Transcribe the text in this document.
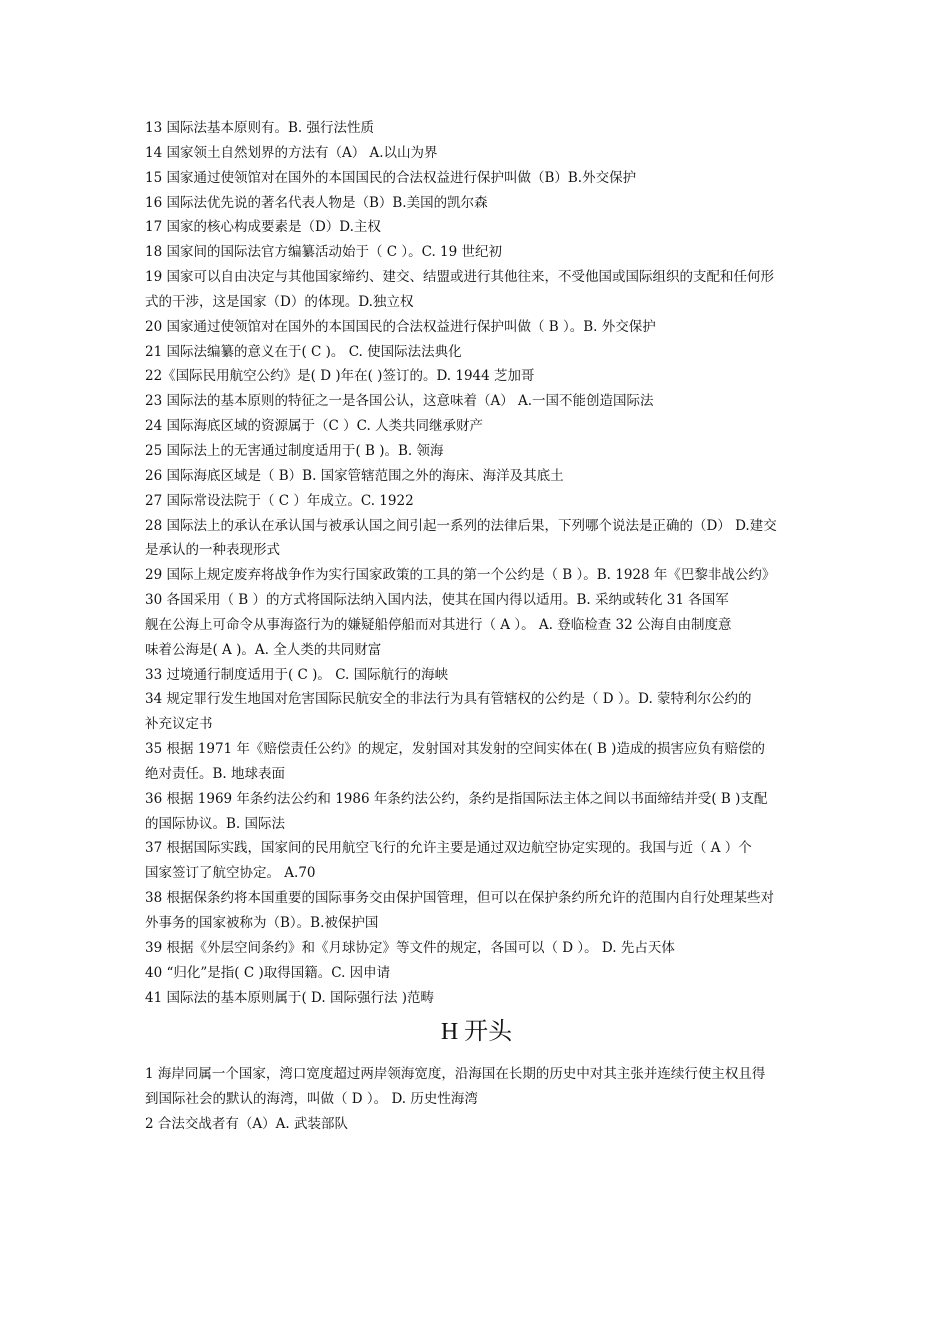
13 国际法基本原则有。B. 强行法性质
14 国家领土自然划界的方法有（A） A.以山为界
15 国家通过使领馆对在国外的本国国民的合法权益进行保护叫做（B）B.外交保护
16 国际法优先说的著名代表人物是（B）B.美国的凯尔森
17 国家的核心构成要素是（D）D.主权
18 国家间的国际法官方编纂活动始于（ C ）。C. 19 世纪初
19 国家可以自由决定与其他国家缔约、建交、结盟或进行其他往来，不受他国或国际组织的支配和任何形
式的干涉，这是国家（D）的体现。D.独立权
20 国家通过使领馆对在国外的本国国民的合法权益进行保护叫做（ B ）。B. 外交保护
21 国际法编纂的意义在于( C )。 C. 使国际法法典化
22《国际民用航空公约》是( D )年在( )签订的。D. 1944 芝加哥
23 国际法的基本原则的特征之一是各国公认，这意味着（A） A.一国不能创造国际法
24 国际海底区域的资源属于（C ）C. 人类共同继承财产
25 国际法上的无害通过制度适用于( B )。B. 领海
26 国际海底区域是（ B）B. 国家管辖范围之外的海床、海洋及其底土
27 国际常设法院于（ C ）年成立。C. 1922
28 国际法上的承认在承认国与被承认国之间引起一系列的法律后果，下列哪个说法是正确的（D） D.建交
是承认的一种表现形式
29 国际上规定废弃将战争作为实行国家政策的工具的第一个公约是（ B ）。B. 1928 年《巴黎非战公约》
30 各国采用（ B ）的方式将国际法纳入国内法，使其在国内得以适用。B. 采纳或转化 31 各国军
舰在公海上可命令从事海盗行为的嫌疑船停船而对其进行（ A ）。 A. 登临检查 32 公海自由制度意
味着公海是( A )。A. 全人类的共同财富
33 过境通行制度适用于( C )。 C. 国际航行的海峡
34 规定罪行发生地国对危害国际民航安全的非法行为具有管辖权的公约是（ D ）。D. 蒙特利尔公约的
补充议定书
35 根据 1971 年《赔偿责任公约》的规定，发射国对其发射的空间实体在( B )造成的损害应负有赔偿的
绝对责任。B. 地球表面
36 根据 1969 年条约法公约和 1986 年条约法公约，条约是指国际法主体之间以书面缔结并受( B )支配
的国际协议。B. 国际法
37 根据国际实践，国家间的民用航空飞行的允许主要是通过双边航空协定实现的。我国与近（ A ）个
国家签订了航空协定。 A.70
38 根据保条约将本国重要的国际事务交由保护国管理，但可以在保护条约所允许的范围内自行处理某些对
外事务的国家被称为（B）。B.被保护国
39 根据《外层空间条约》和《月球协定》等文件的规定，各国可以（ D ）。 D. 先占天体
40 “归化”是指( C )取得国籍。C. 因申请
41 国际法的基本原则属于( D. 国际强行法 )范畴
H 开头
1 海岸同属一个国家，湾口宽度超过两岸领海宽度，沿海国在长期的历史中对其主张并连续行使主权且得
到国际社会的默认的海湾，叫做（ D ）。 D. 历史性海湾
2 合法交战者有（A）A. 武装部队
